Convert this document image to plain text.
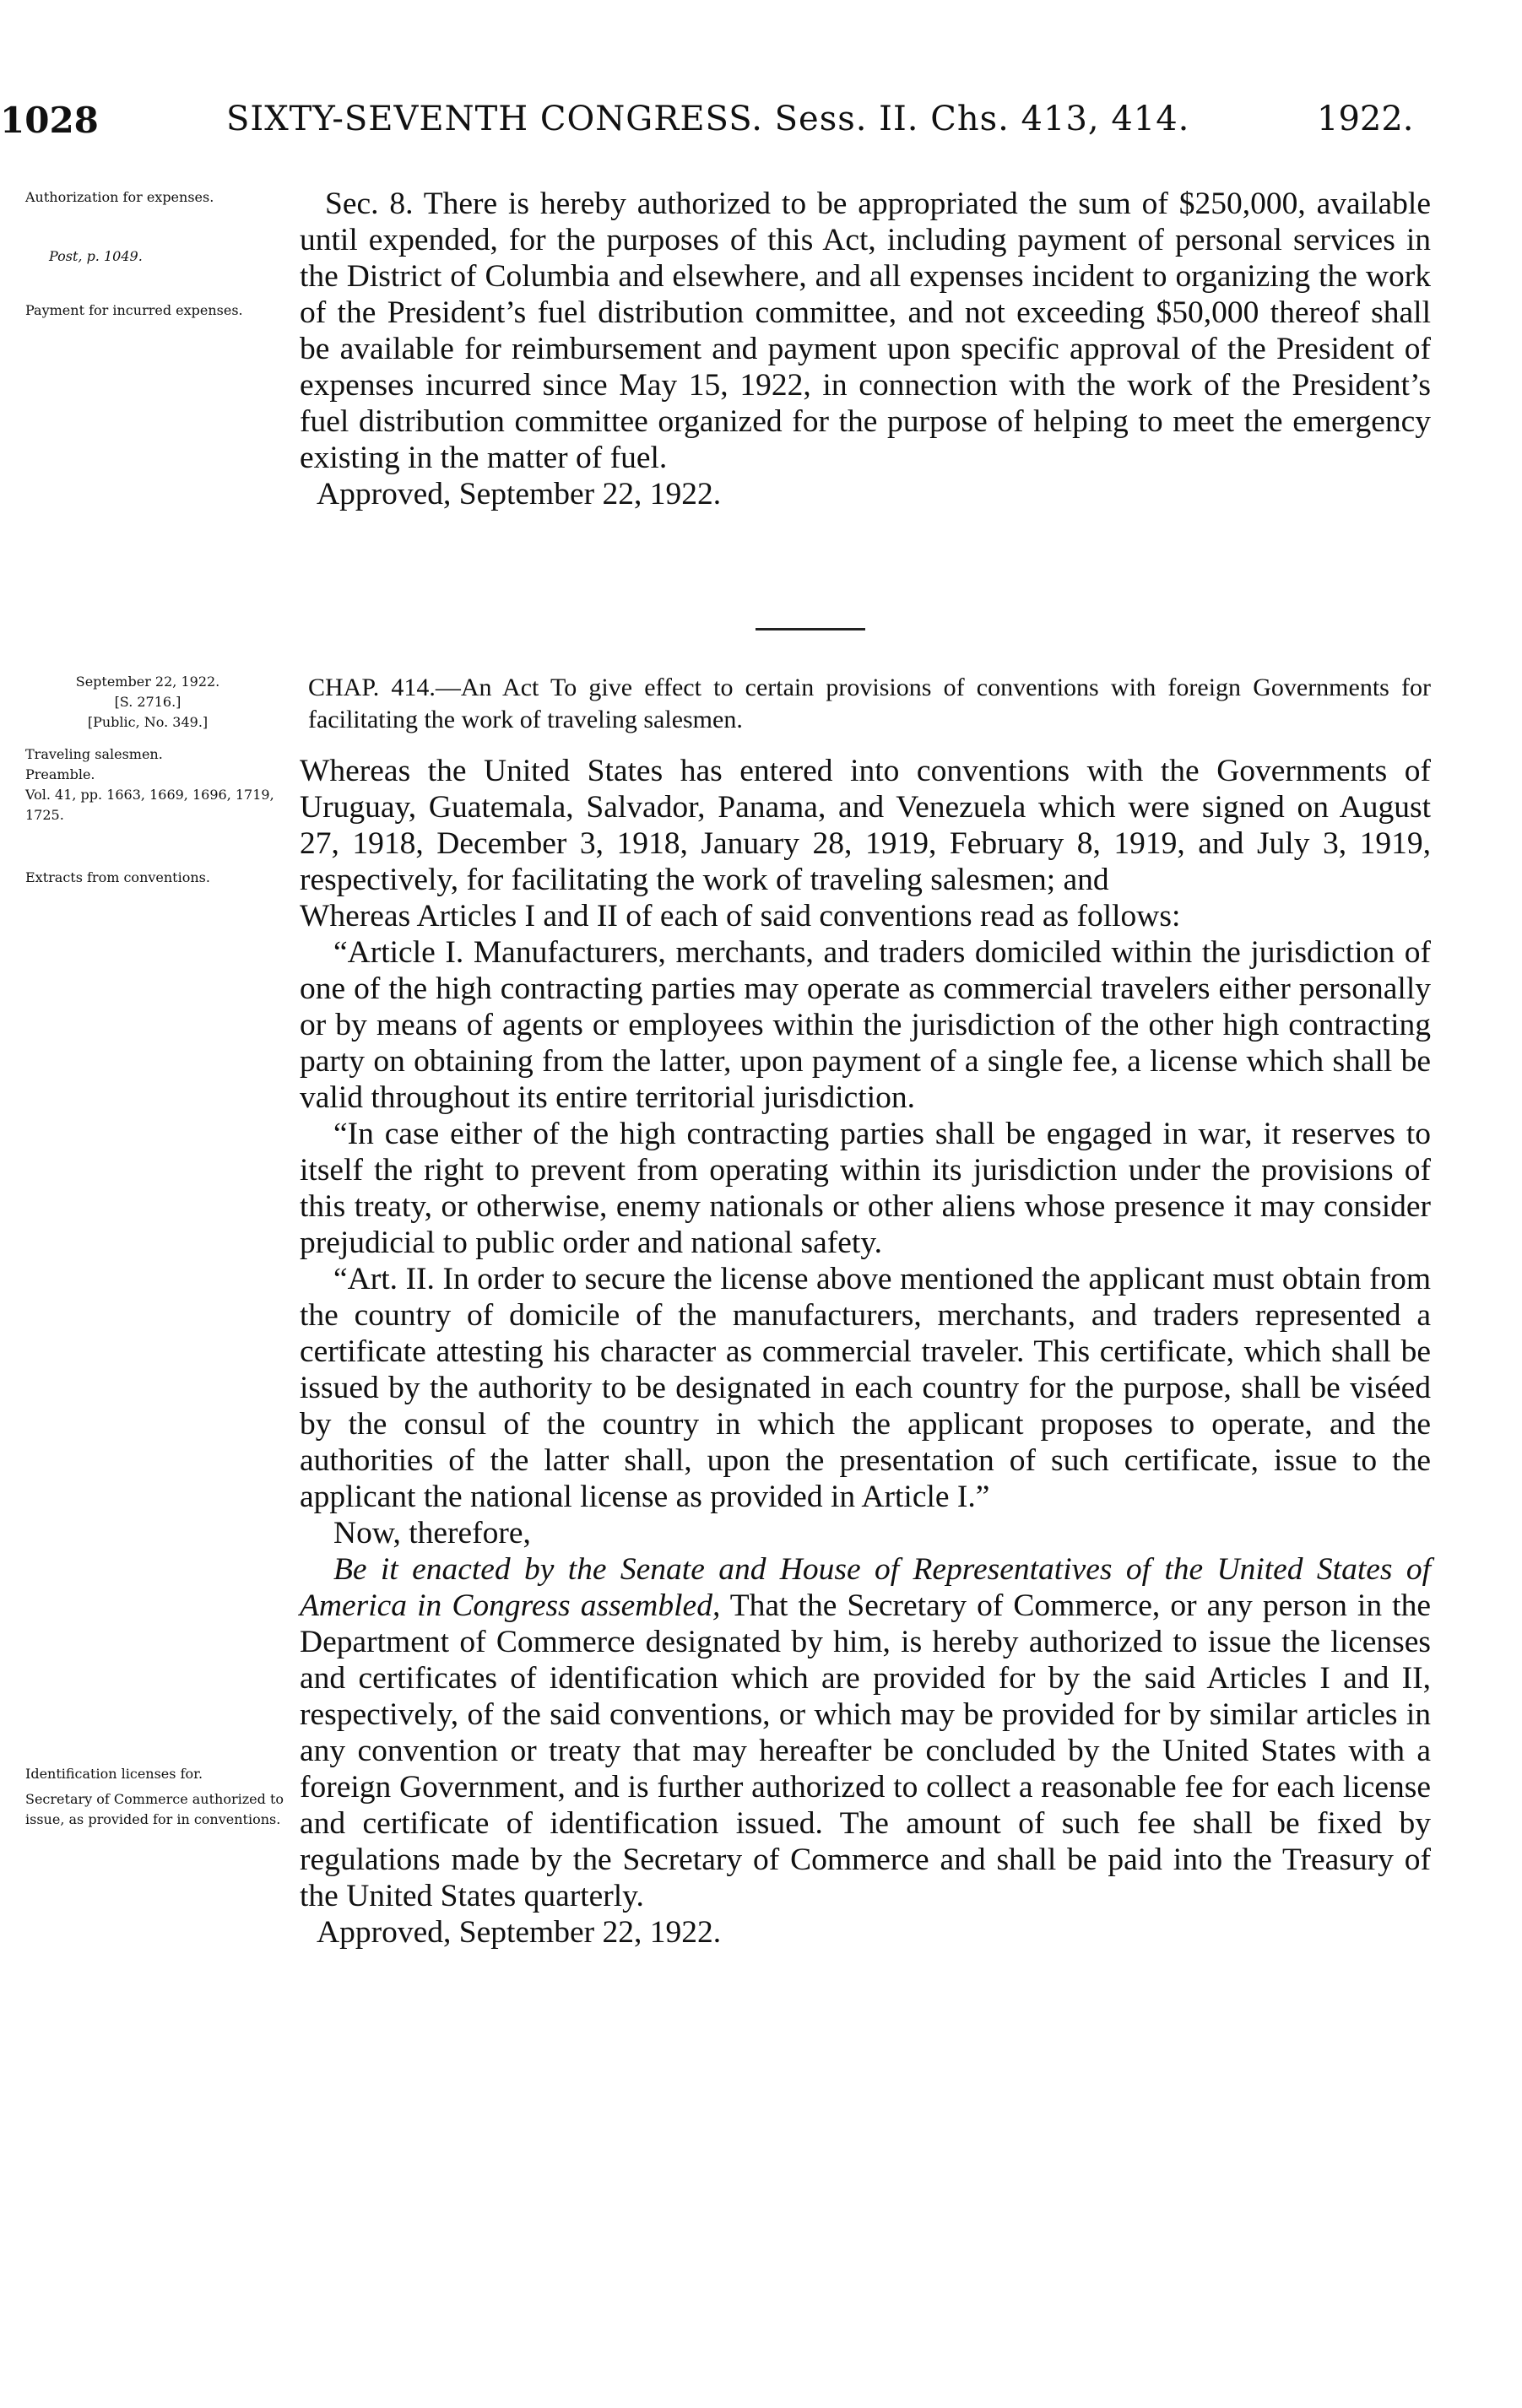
1028	SIXTY-SEVENTH CONGRESS. Sess. II. Chs. 413, 414.	1922.

Authorization for expenses.

Post, p. 1049.

Payment for incurred expenses.

Sec. 8. There is hereby authorized to be appropriated the sum of $250,000, available until expended, for the purposes of this Act, including payment of personal services in the District of Columbia and elsewhere, and all expenses incident to organizing the work of the President’s fuel distribution committee, and not exceeding $50,000 thereof shall be available for reimbursement and payment upon specific approval of the President of expenses incurred since May 15, 1922, in connection with the work of the President’s fuel distribution committee organized for the purpose of helping to meet the emergency existing in the matter of fuel.

Approved, September 22, 1922.

September 22, 1922.

[S. 2716.]

[Public, No. 349.]

Traveling salesmen.

Preamble.

Vol. 41, pp. 1663, 1669, 1696, 1719, 1725.

Extracts from conventions.

Identification licenses for.

Secretary of Commerce authorized to issue, as provided for in conventions.

CHAP. 414.—An Act To give effect to certain provisions of conventions with foreign Governments for facilitating the work of traveling salesmen.

Whereas the United States has entered into conventions with the Governments of Uruguay, Guatemala, Salvador, Panama, and Venezuela which were signed on August 27, 1918, December 3, 1918, January 28, 1919, February 8, 1919, and July 3, 1919, respectively, for facilitating the work of traveling salesmen; and

Whereas Articles I and II of each of said conventions read as follows:

“Article I. Manufacturers, merchants, and traders domiciled within the jurisdiction of one of the high contracting parties may operate as commercial travelers either personally or by means of agents or employees within the jurisdiction of the other high contracting party on obtaining from the latter, upon payment of a single fee, a license which shall be valid throughout its entire territorial jurisdiction.

“In case either of the high contracting parties shall be engaged in war, it reserves to itself the right to prevent from operating within its jurisdiction under the provisions of this treaty, or otherwise, enemy nationals or other aliens whose presence it may consider prejudicial to public order and national safety.

“Art. II. In order to secure the license above mentioned the applicant must obtain from the country of domicile of the manufacturers, merchants, and traders represented a certificate attesting his character as commercial traveler. This certificate, which shall be issued by the authority to be designated in each country for the purpose, shall be viséed by the consul of the country in which the applicant proposes to operate, and the authorities of the latter shall, upon the presentation of such certificate, issue to the applicant the national license as provided in Article I.”

Now, therefore,

Be it enacted by the Senate and House of Representatives of the United States of America in Congress assembled, That the Secretary of Commerce, or any person in the Department of Commerce designated by him, is hereby authorized to issue the licenses and certificates of identification which are provided for by the said Articles I and II, respectively, of the said conventions, or which may be provided for by similar articles in any convention or treaty that may hereafter be concluded by the United States with a foreign Government, and is further authorized to collect a reasonable fee for each license and certificate of identification issued. The amount of such fee shall be fixed by regulations made by the Secretary of Commerce and shall be paid into the Treasury of the United States quarterly.

Approved, September 22, 1922.
